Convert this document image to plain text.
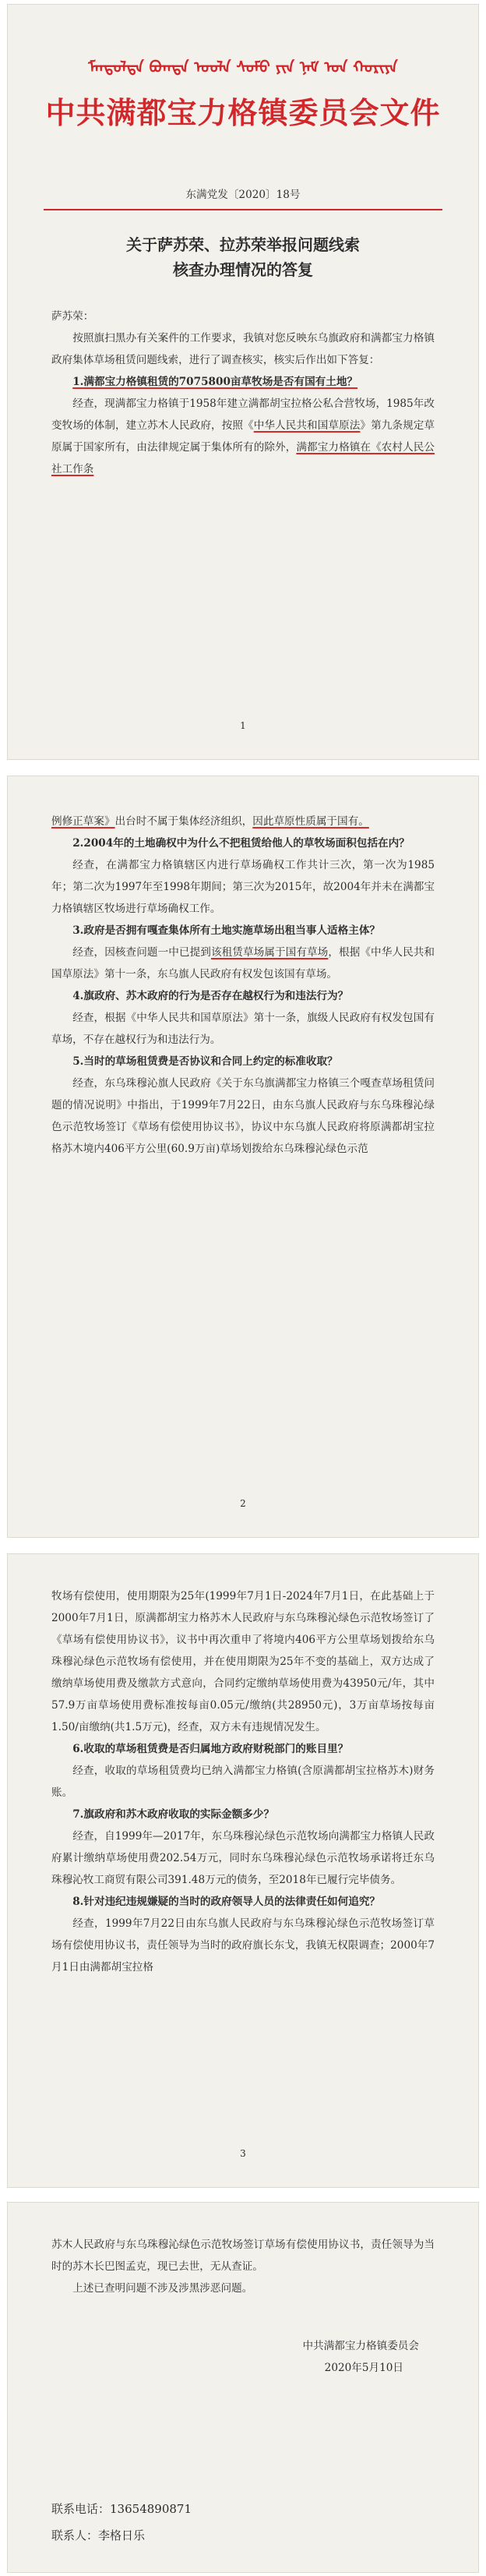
ᠮᠠᠨᠳᠤᠯᠲᠠ ᠪᠣᠭᠳᠠ ᠤᠤᠯᠠ ᠰᠤᠮᠤ ᠶᠢᠨ ᠨᠠᠮ ᠤᠨ ᠬᠣᠷᠢᠶᠠ
中共满都宝力格镇委员会文件
东满党发〔2020〕18号
关于萨苏荣、拉苏荣举报问题线索
核查办理情况的答复

萨苏荣：

按照旗扫黑办有关案件的工作要求，我镇对您反映东乌旗政府和满都宝力格镇政府集体草场租赁问题线索，进行了调查核实，核实后作出如下答复：

1.满都宝力格镇租赁的7075800亩草牧场是否有国有土地？

经查，现满都宝力格镇于1958年建立满都胡宝拉格公私合营牧场，1985年改变牧场的体制，建立苏木人民政府，按照《中华人民共和国草原法》第九条规定草原属于国家所有，由法律规定属于集体所有的除外，满都宝力格镇在《农村人民公社工作条

1

例修正草案》出台时不属于集体经济组织，因此草原性质属于国有。

2.2004年的土地确权中为什么不把租赁给他人的草牧场面积包括在内？

经查，在满都宝力格镇辖区内进行草场确权工作共计三次，第一次为1985年；第二次为1997年至1998年期间；第三次为2015年，故2004年并未在满都宝力格镇辖区牧场进行草场确权工作。

3.政府是否拥有嘎查集体所有土地实施草场出租当事人适格主体？

经查，因核查问题一中已提到该租赁草场属于国有草场，根据《中华人民共和国草原法》第十一条，东乌旗人民政府有权发包该国有草场。

4.旗政府、苏木政府的行为是否存在越权行为和违法行为？

经查，根据《中华人民共和国草原法》第十一条，旗级人民政府有权发包国有草场，不存在越权行为和违法行为。

5.当时的草场租赁费是否协议和合同上约定的标准收取？

经查，东乌珠穆沁旗人民政府《关于东乌旗满都宝力格镇三个嘎查草场租赁问题的情况说明》中指出，于1999年7月22日，由东乌旗人民政府与东乌珠穆沁绿色示范牧场签订《草场有偿使用协议书》，协议中东乌旗人民政府将原满都胡宝拉格苏木境内406平方公里(60.9万亩)草场划拨给东乌珠穆沁绿色示范

2

牧场有偿使用，使用期限为25年(1999年7月1日-2024年7月1日，在此基础上于2000年7月1日，原满都胡宝力格苏木人民政府与东乌珠穆沁绿色示范牧场签订了《草场有偿使用协议书》，议书中再次重申了将境内406平方公里草场划拨给东乌珠穆沁绿色示范牧场有偿使用，并在使用期限为25年不变的基础上，双方达成了缴纳草场使用费及缴款方式意向，合同约定缴纳草场使用费为43950元/年，其中57.9万亩草场使用费标准按每亩0.05元/缴纳(共28950元)，3万亩草场按每亩1.50/亩缴纳(共1.5万元)，经查，双方未有违规情况发生。

6.收取的草场租赁费是否归属地方政府财税部门的账目里？

经查，收取的草场租赁费均已纳入满都宝力格镇(含原满都胡宝拉格苏木)财务账。

7.旗政府和苏木政府收取的实际金额多少？

经查，自1999年—2017年，东乌珠穆沁绿色示范牧场向满都宝力格镇人民政府累计缴纳草场使用费202.54万元，同时东乌珠穆沁绿色示范牧场承诺将迁东乌珠穆沁牧工商贸有限公司391.48万元的债务，至2018年已履行完毕债务。

8.针对违纪违规嫌疑的当时的政府领导人员的法律责任如何追究？

经查，1999年7月22日由东乌旗人民政府与东乌珠穆沁绿色示范牧场签订草场有偿使用协议书，责任领导为当时的政府旗长东戈，我镇无权限调查；2000年7月1日由满都胡宝拉格

3

苏木人民政府与东乌珠穆沁绿色示范牧场签订草场有偿使用协议书，责任领导为当时的苏木长巴图孟克，现已去世，无从查证。

上述已查明问题不涉及涉黑涉恶问题。

中共满都宝力格镇委员会

2020年5月10日

联系电话：13654890871
联系人：李格日乐
